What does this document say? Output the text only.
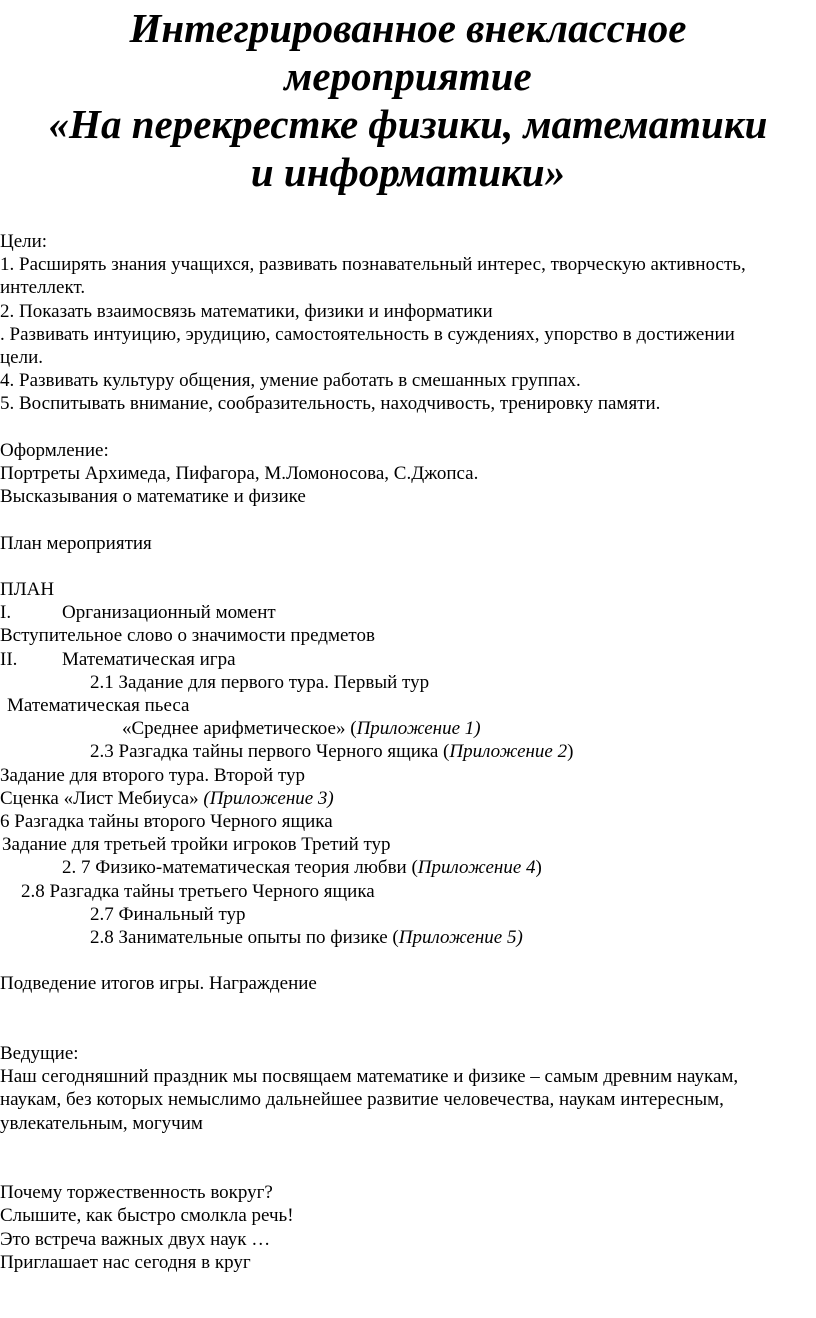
Интегрированное внеклассное
мероприятие
«На перекрестке физики, математики
и информатики»
Цели:
1. Расширять знания учащихся, развивать познавательный интерес, творческую активность,
интеллект.
2. Показать взаимосвязь математики, физики и информатики
. Развивать интуицию, эрудицию, самостоятельность в суждениях, упорство в достижении
цели.
4. Развивать культуру общения, умение работать в смешанных группах.
5. Воспитывать внимание, сообразительность, находчивость, тренировку памяти.
Оформление:
Портреты Архимеда, Пифагора, М.Ломоносова, С.Джопса.
Высказывания о математике и физике
План мероприятия
ПЛАН
I.	Организационный момент
Вступительное слово о значимости предметов
II. Математическая игра
2.1 Задание для первого тура. Первый тур
Математическая пьеса
«Среднее арифметическое» (Приложение 1)
2.3 Разгадка тайны первого Черного ящика (Приложение 2)
Задание для второго тура. Второй тур
Сценка «Лист Мебиуса» (Приложение 3)
6 Разгадка тайны второго Черного ящика
Задание для третьей тройки игроков Третий тур
2. 7 Физико-математическая теория любви (Приложение 4)
2.8 Разгадка тайны третьего Черного ящика
2.7 Финальный тур
2.8 Занимательные опыты по физике (Приложение 5)
Подведение итогов игры. Награждение
Ведущие:
Наш сегодняшний праздник мы посвящаем математике и физике – самым древним наукам,
наукам, без которых немыслимо дальнейшее развитие человечества, наукам интересным,
увлекательным, могучим
Почему торжественность вокруг?
Слышите, как быстро смолкла речь!
Это встреча важных двух наук …
Приглашает нас сегодня в круг
